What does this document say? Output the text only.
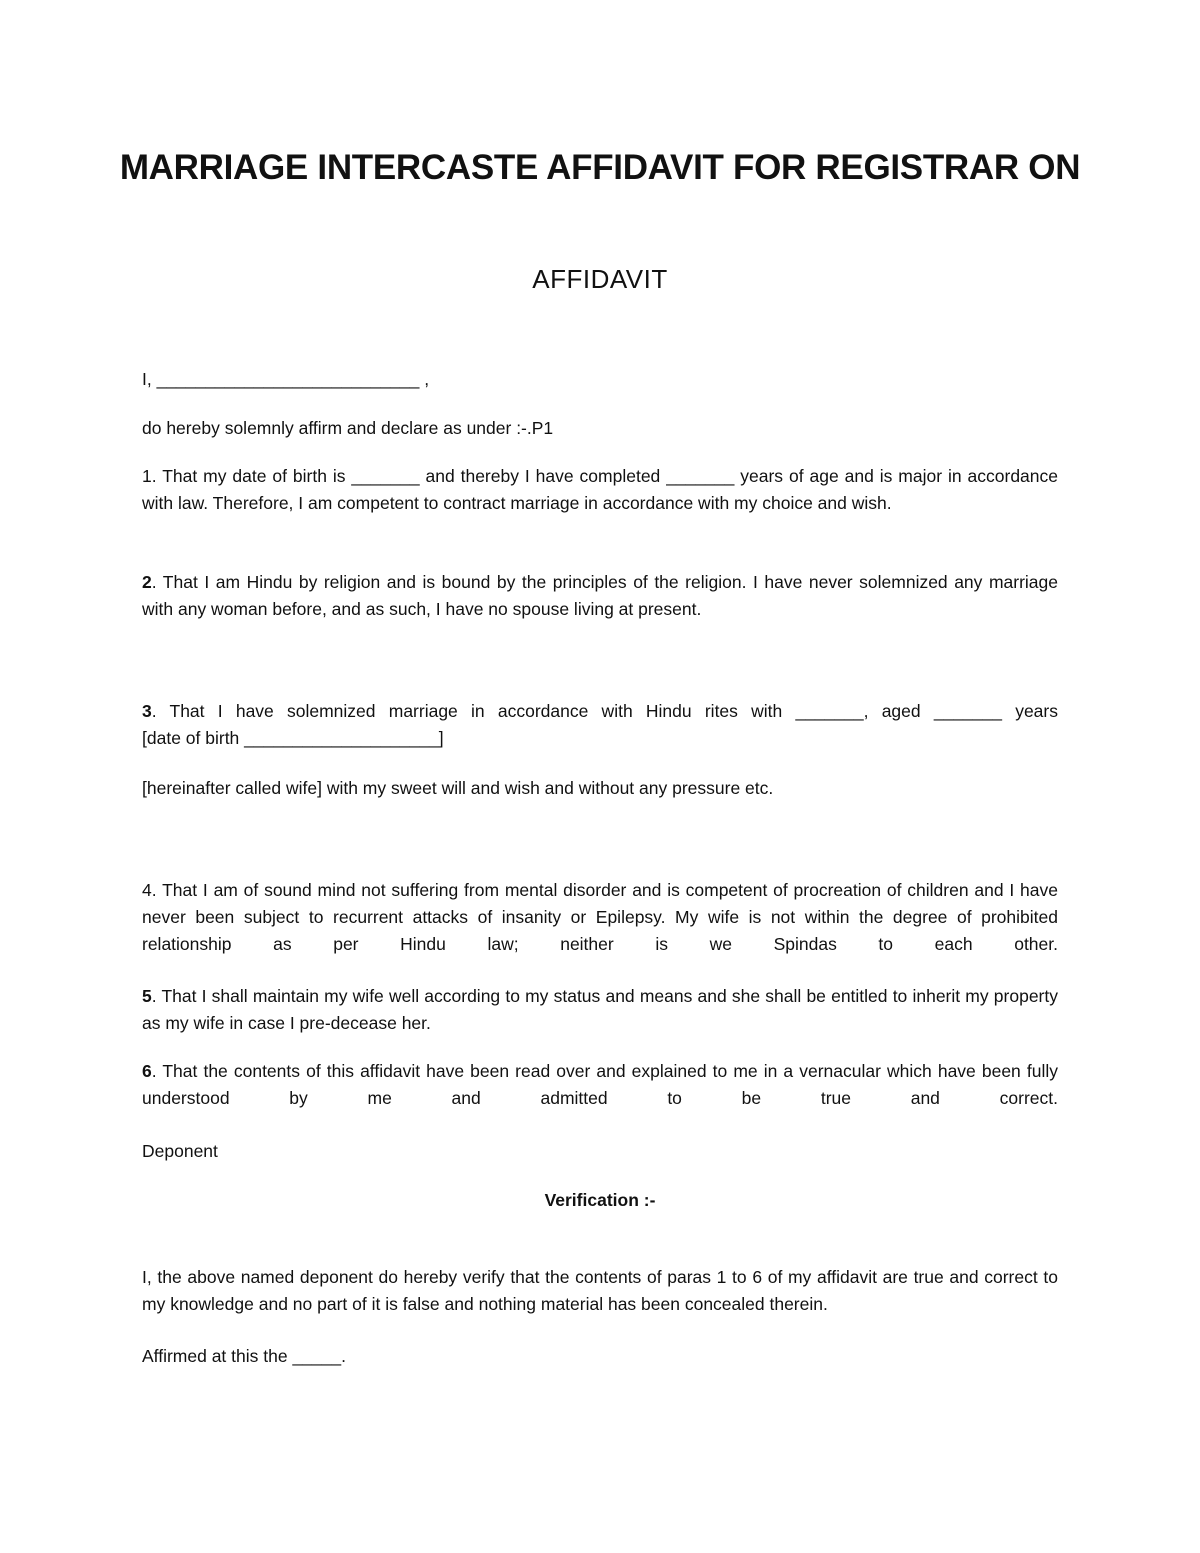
MARRIAGE INTERCASTE AFFIDAVIT FOR REGISTRAR ON
AFFIDAVIT
I, ___________________________ ,
do hereby solemnly affirm and declare as under :-.P1
1. That my date of birth is _______ and thereby I have completed _______ years of age and is major in accordance with law. Therefore, I am competent to contract marriage in accordance with my choice and wish.
2. That I am Hindu by religion and is bound by the principles of the religion. I have never solemnized any marriage with any woman before, and as such, I have no spouse living at present.
3. That I have solemnized marriage in accordance with Hindu rites with _______, aged _______ years
[date of birth ____________________]
[hereinafter called wife] with my sweet will and wish and without any pressure etc.
4. That I am of sound mind not suffering from mental disorder and is competent of procreation of children and I have never been subject to recurrent attacks of insanity or Epilepsy. My wife is not within the degree of prohibited relationship as per Hindu law; neither is we Spindas to each other.
5. That I shall maintain my wife well according to my status and means and she shall be entitled to inherit my property as my wife in case I pre-decease her.
6. That the contents of this affidavit have been read over and explained to me in a vernacular which have been fully understood by me and admitted to be true and correct.
Deponent
Verification :-
I, the above named deponent do hereby verify that the contents of paras 1 to 6 of my affidavit are true and correct to my knowledge and no part of it is false and nothing material has been concealed therein.
Affirmed at this the _____.
